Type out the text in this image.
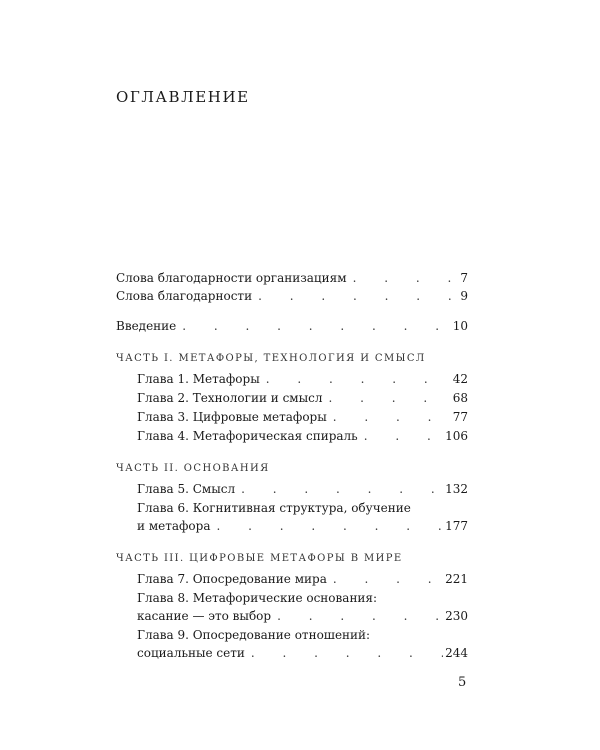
ОГЛАВЛЕНИЕ
Слова благодарности организациям . . .	7
Слова благодарности . . .	9
Введение . . .	10
ЧАСТЬ I. МЕТАФОРЫ, ТЕХНОЛОГИЯ И СМЫСЛ
Глава 1. Метафоры . . .	42
Глава 2. Технологии и смысл . . .	68
Глава 3. Цифровые метафоры . . .	77
Глава 4. Метафорическая спираль . . .	106
ЧАСТЬ II. ОСНОВАНИЯ
Глава 5. Смысл . . .	132
Глава 6. Когнитивная структура, обучение
и метафора . . .	177
ЧАСТЬ III. ЦИФРОВЫЕ МЕТАФОРЫ В МИРЕ
Глава 7. Опосредование мира . . .	221
Глава 8. Метафорические основания:
касание — это выбор . . .	230
Глава 9. Опосредование отношений:
социальные сети . . .	244
5
